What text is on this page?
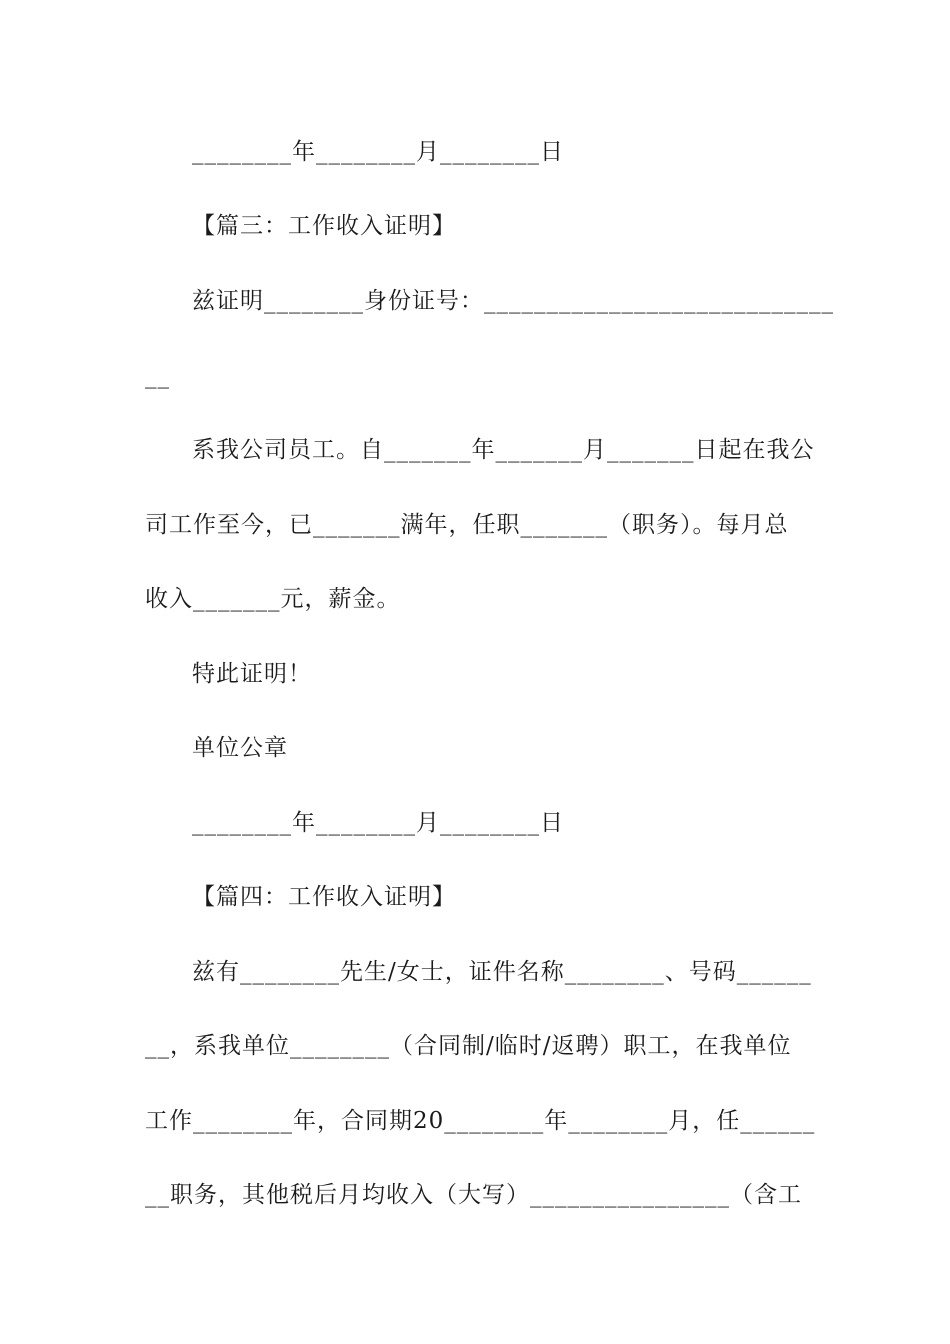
________年________月________日
【篇三：工作收入证明】
兹证明________身份证号：____________________________
__
系我公司员工。自_______年_______月_______日起在我公
司工作至今，已_______满年，任职_______（职务）。每月总
收入_______元，薪金。
特此证明！
单位公章
________年________月________日
【篇四：工作收入证明】
兹有________先生/女士，证件名称________、号码______
__，系我单位________（合同制/临时/返聘）职工，在我单位
工作________年，合同期20________年________月，任______
__职务，其他税后月均收入（大写）________________（含工
